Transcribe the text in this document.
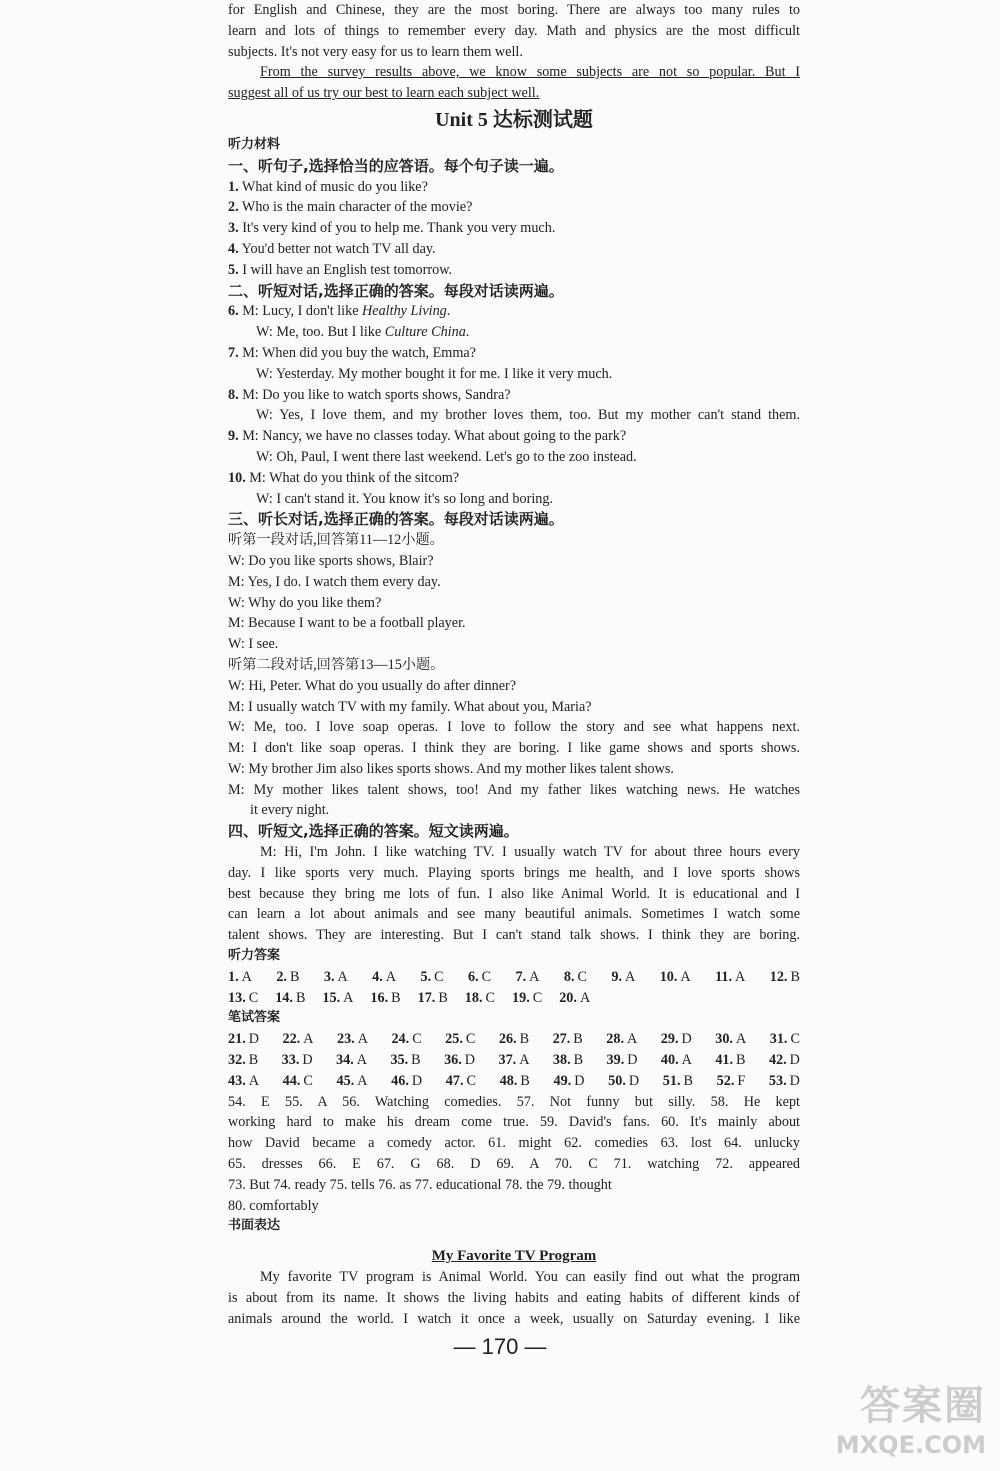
for English and Chinese, they are the most boring. There are always too many rules to
learn and lots of things to remember every day. Math and physics are the most difficult
subjects. It's not very easy for us to learn them well.
From the survey results above, we know some subjects are not so popular. But I
suggest all of us try our best to learn each subject well.
Unit 5 达标测试题
听力材料
一、听句子,选择恰当的应答语。每个句子读一遍。
1. What kind of music do you like?
2. Who is the main character of the movie?
3. It's very kind of you to help me. Thank you very much.
4. You'd better not watch TV all day.
5. I will have an English test tomorrow.
二、听短对话,选择正确的答案。每段对话读两遍。
6. M: Lucy, I don't like Healthy Living.
W: Me, too. But I like Culture China.
7. M: When did you buy the watch, Emma?
W: Yesterday. My mother bought it for me. I like it very much.
8. M: Do you like to watch sports shows, Sandra?
W: Yes, I love them, and my brother loves them, too. But my mother can't stand them.
9. M: Nancy, we have no classes today. What about going to the park?
W: Oh, Paul, I went there last weekend. Let's go to the zoo instead.
10. M: What do you think of the sitcom?
W: I can't stand it. You know it's so long and boring.
三、听长对话,选择正确的答案。每段对话读两遍。
听第一段对话,回答第11—12小题。
W: Do you like sports shows, Blair?
M: Yes, I do. I watch them every day.
W: Why do you like them?
M: Because I want to be a football player.
W: I see.
听第二段对话,回答第13—15小题。
W: Hi, Peter. What do you usually do after dinner?
M: I usually watch TV with my family. What about you, Maria?
W: Me, too. I love soap operas. I love to follow the story and see what happens next.
M: I don't like soap operas. I think they are boring. I like game shows and sports shows.
W: My brother Jim also likes sports shows. And my mother likes talent shows.
M: My mother likes talent shows, too! And my father likes watching news. He watches
it every night.
四、听短文,选择正确的答案。短文读两遍。
M: Hi, I'm John. I like watching TV. I usually watch TV for about three hours every
day. I like sports very much. Playing sports brings me health, and I love sports shows
best because they bring me lots of fun. I also like Animal World. It is educational and I
can learn a lot about animals and see many beautiful animals. Sometimes I watch some
talent shows. They are interesting. But I can't stand talk shows. I think they are boring.
听力答案
1. A 2. B 3. A 4. A 5. C 6. C 7. A 8. C 9. A 10. A 11. A 12. B
13. C 14. B 15. A 16. B 17. B 18. C 19. C 20. A
笔试答案
21. D 22. A 23. A 24. C 25. C 26. B 27. B 28. A 29. D 30. A 31. C
32. B 33. D 34. A 35. B 36. D 37. A 38. B 39. D 40. A 41. B 42. D
43. A 44. C 45. A 46. D 47. C 48. B 49. D 50. D 51. B 52. F 53. D
54. E 55. A 56. Watching comedies. 57. Not funny but silly. 58. He kept
working hard to make his dream come true. 59. David's fans. 60. It's mainly about
how David became a comedy actor. 61. might 62. comedies 63. lost 64. unlucky
65. dresses 66. E 67. G 68. D 69. A 70. C 71. watching 72. appeared
73. But 74. ready 75. tells 76. as 77. educational 78. the 79. thought
80. comfortably
书面表达
My Favorite TV Program
My favorite TV program is Animal World. You can easily find out what the program
is about from its name. It shows the living habits and eating habits of different kinds of
animals around the world. I watch it once a week, usually on Saturday evening. I like
— 170 —
答案圈
MXQE.COM
